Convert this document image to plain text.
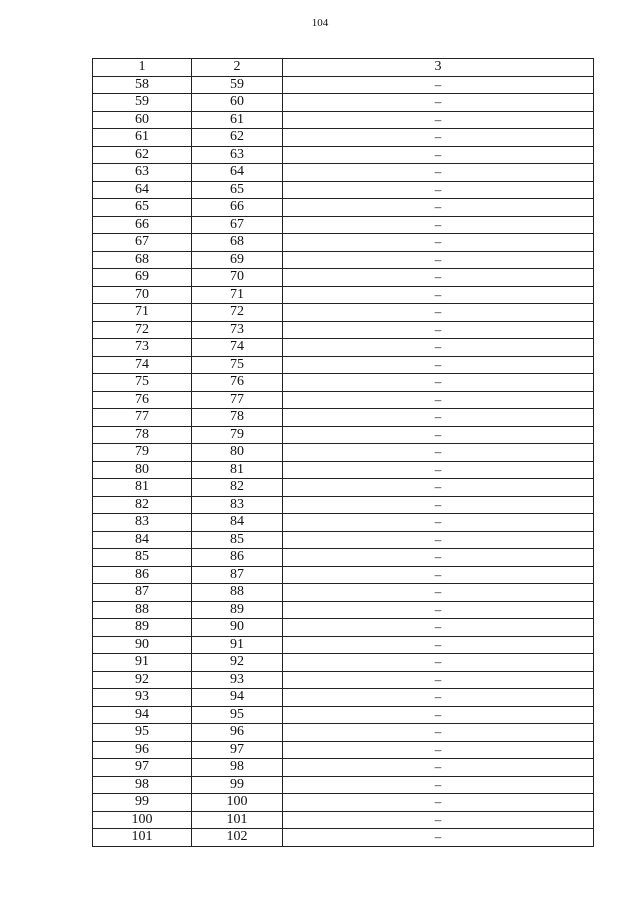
104
1	2	3
58	59	–
59	60	–
60	61	–
61	62	–
62	63	–
63	64	–
64	65	–
65	66	–
66	67	–
67	68	–
68	69	–
69	70	–
70	71	–
71	72	–
72	73	–
73	74	–
74	75	–
75	76	–
76	77	–
77	78	–
78	79	–
79	80	–
80	81	–
81	82	–
82	83	–
83	84	–
84	85	–
85	86	–
86	87	–
87	88	–
88	89	–
89	90	–
90	91	–
91	92	–
92	93	–
93	94	–
94	95	–
95	96	–
96	97	–
97	98	–
98	99	–
99	100	–
100	101	–
101	102	–
